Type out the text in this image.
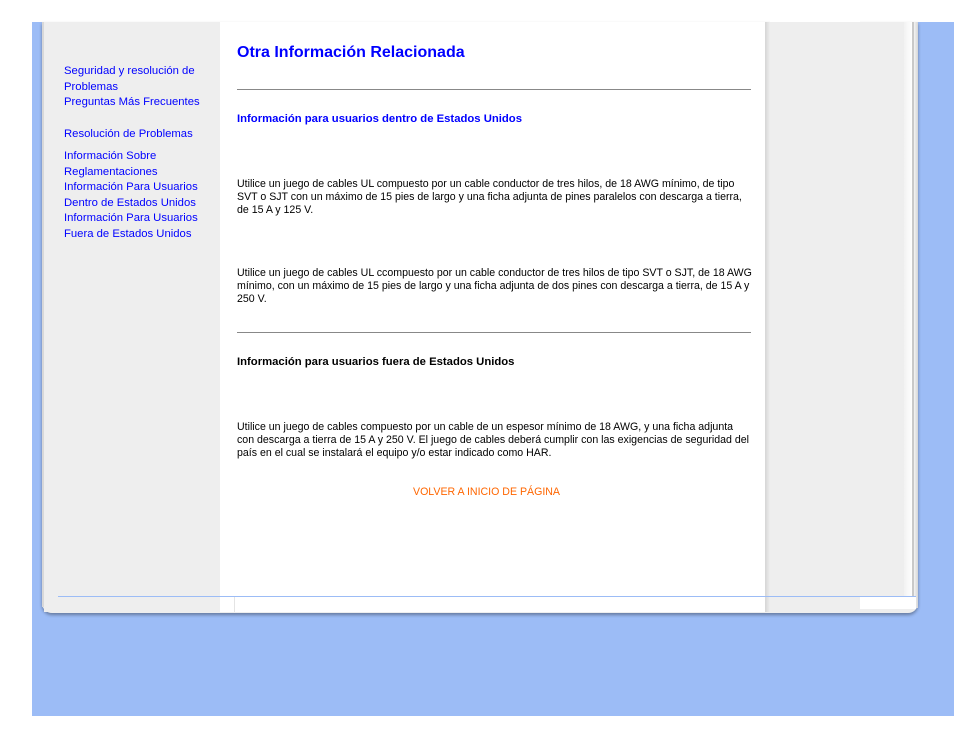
Seguridad y resolución de Problemas
Preguntas Más Frecuentes
Resolución de Problemas
Información Sobre Reglamentaciones
Información Para Usuarios Dentro de Estados Unidos
Información Para Usuarios Fuera de Estados Unidos
Otra Información Relacionada
Información para usuarios dentro de Estados Unidos
Utilice un juego de cables UL compuesto por un cable conductor de tres hilos, de 18 AWG mínimo, de tipo SVT o SJT con un máximo de 15 pies de largo y una ficha adjunta de pines paralelos con descarga a tierra, de 15 A y 125 V.
Utilice un juego de cables UL ccompuesto por un cable conductor de tres hilos de tipo SVT o SJT, de 18 AWG mínimo, con un máximo de 15 pies de largo y una ficha adjunta de dos pines con descarga a tierra, de 15 A y 250 V.
Información para usuarios fuera de Estados Unidos
Utilice un juego de cables compuesto por un cable de un espesor mínimo de 18 AWG, y una ficha adjunta con descarga a tierra de 15 A y 250 V. El juego de cables deberá cumplir con las exigencias de seguridad del país en el cual se instalará el equipo y/o estar indicado como HAR.
VOLVER A INICIO DE PÁGINA
